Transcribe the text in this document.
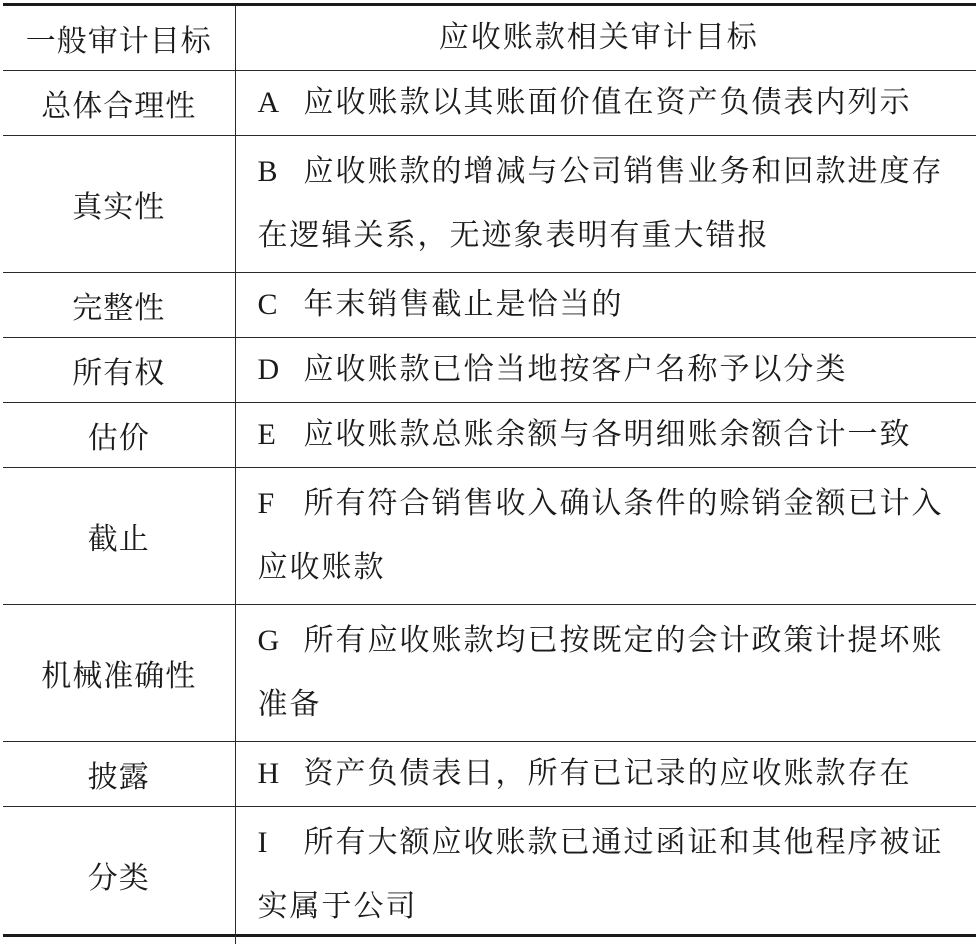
一般审计目标	应收账款相关审计目标
总体合理性	A 应收账款以其账面价值在资产负债表内列示
真实性	B 应收账款的增减与公司销售业务和回款进度存在逻辑关系，无迹象表明有重大错报
完整性	C 年末销售截止是恰当的
所有权	D 应收账款已恰当地按客户名称予以分类
估价	E 应收账款总账余额与各明细账余额合计一致
截止	F 所有符合销售收入确认条件的赊销金额已计入应收账款
机械准确性	G 所有应收账款均已按既定的会计政策计提坏账准备
披露	H 资产负债表日，所有已记录的应收账款存在
分类	I 所有大额应收账款已通过函证和其他程序被证实属于公司
